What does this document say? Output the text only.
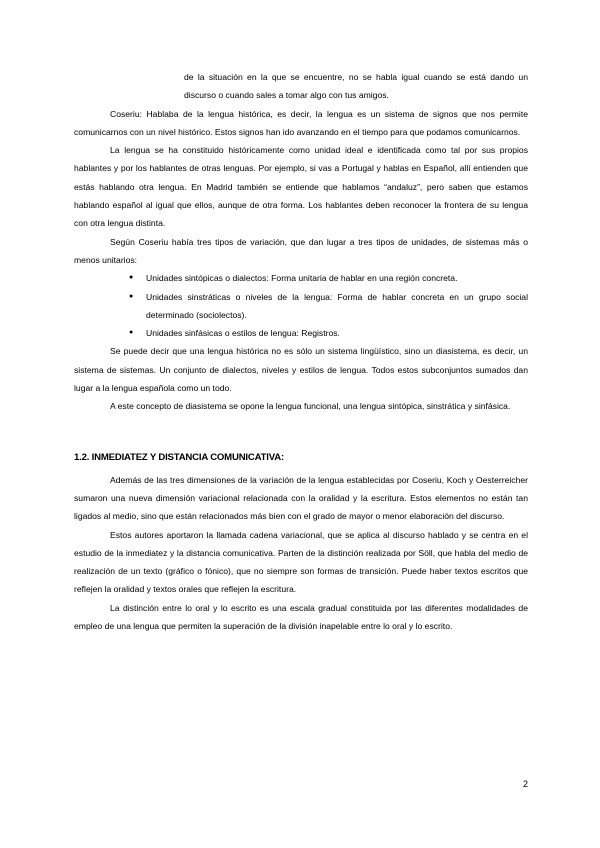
de la situación en la que se encuentre, no se habla igual cuando se está dando un discurso o cuando sales a tomar algo con tus amigos.

Coseriu: Hablaba de la lengua histórica, es decir, la lengua es un sistema de signos que nos permite comunicarnos con un nivel histórico. Estos signos han ido avanzando en el tiempo para que podamos comunicarnos.

La lengua se ha constituido históricamente como unidad ideal e identificada como tal por sus propios hablantes y por los hablantes de otras lenguas. Por ejemplo, si vas a Portugal y hablas en Español, allí entienden que estás hablando otra lengua. En Madrid también se entiende que hablamos “andaluz”, pero saben que estamos hablando español al igual que ellos, aunque de otra forma. Los hablantes deben reconocer la frontera de su lengua con otra lengua distinta.

Según Coseriu había tres tipos de variación, que dan lugar a tres tipos de unidades, de sistemas más o menos unitarios:

● Unidades sintópicas o dialectos: Forma unitaria de hablar en una región concreta.
● Unidades sinstráticas o niveles de la lengua: Forma de hablar concreta en un grupo social determinado (sociolectos).
● Unidades sinfásicas o estilos de lengua: Registros.

Se puede decir que una lengua histórica no es sólo un sistema lingüístico, sino un diasistema, es decir, un sistema de sistemas. Un conjunto de dialectos, niveles y estilos de lengua. Todos estos subconjuntos sumados dan lugar a la lengua española como un todo.

A este concepto de diasistema se opone la lengua funcional, una lengua sintópica, sinstrática y sinfásica.

1.2. INMEDIATEZ Y DISTANCIA COMUNICATIVA:

Además de las tres dimensiones de la variación de la lengua establecidas por Coseriu, Koch y Oesterreicher sumaron una nueva dimensión variacional relacionada con la oralidad y la escritura. Estos elementos no están tan ligados al medio, sino que están relacionados más bien con el grado de mayor o menor elaboración del discurso.

Estos autores aportaron la llamada cadena variacional, que se aplica al discurso hablado y se centra en el estudio de la inmediatez y la distancia comunicativa. Parten de la distinción realizada por Söll, que habla del medio de realización de un texto (gráfico o fónico), que no siempre son formas de transición. Puede haber textos escritos que reflejen la oralidad y textos orales que reflejen la escritura.

La distinción entre lo oral y lo escrito es una escala gradual constituida por las diferentes modalidades de empleo de una lengua que permiten la superación de la división inapelable entre lo oral y lo escrito.

2
